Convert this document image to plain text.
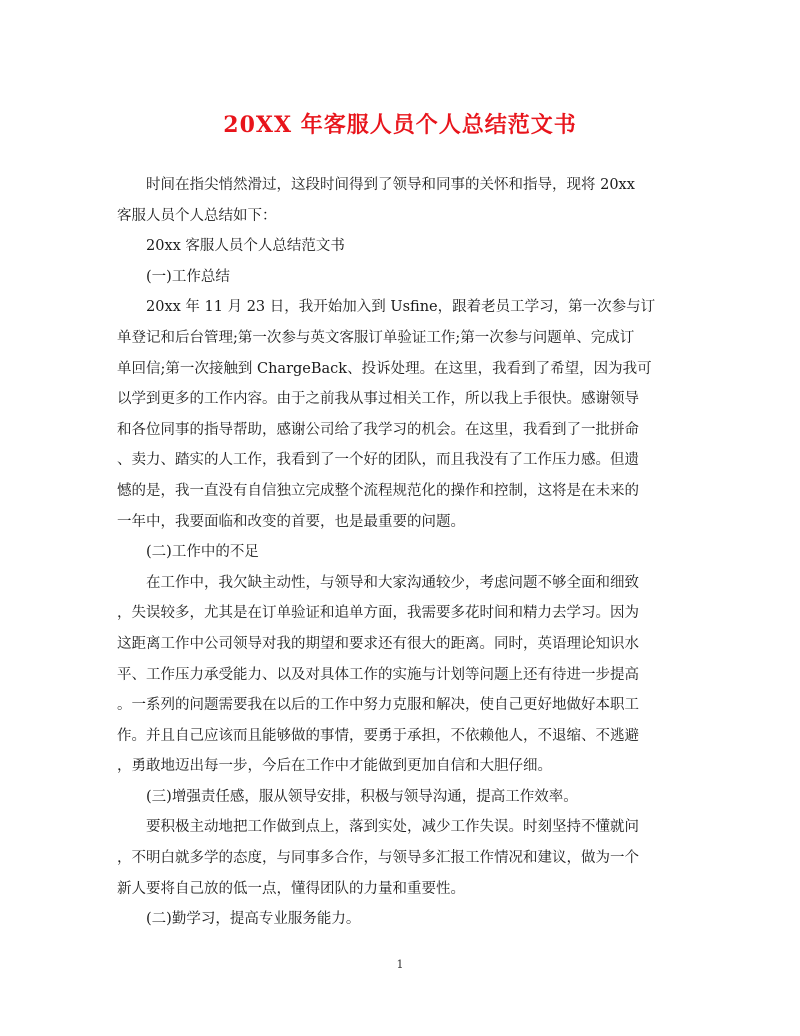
20XX 年客服人员个人总结范文书
时间在指尖悄然滑过，这段时间得到了领导和同事的关怀和指导，现将 20xx
客服人员个人总结如下：
20xx 客服人员个人总结范文书
(一)工作总结
20xx 年 11 月 23 日，我开始加入到 Usfine，跟着老员工学习，第一次参与订
单登记和后台管理;第一次参与英文客服订单验证工作;第一次参与问题单、完成订
单回信;第一次接触到 ChargeBack、投诉处理。在这里，我看到了希望，因为我可
以学到更多的工作内容。由于之前我从事过相关工作，所以我上手很快。感谢领导
和各位同事的指导帮助，感谢公司给了我学习的机会。在这里，我看到了一批拼命
、卖力、踏实的人工作，我看到了一个好的团队，而且我没有了工作压力感。但遗
憾的是，我一直没有自信独立完成整个流程规范化的操作和控制，这将是在未来的
一年中，我要面临和改变的首要，也是最重要的问题。
(二)工作中的不足
在工作中，我欠缺主动性，与领导和大家沟通较少，考虑问题不够全面和细致
，失误较多，尤其是在订单验证和追单方面，我需要多花时间和精力去学习。因为
这距离工作中公司领导对我的期望和要求还有很大的距离。同时，英语理论知识水
平、工作压力承受能力、以及对具体工作的实施与计划等问题上还有待进一步提高
。一系列的问题需要我在以后的工作中努力克服和解决，使自己更好地做好本职工
作。并且自己应该而且能够做的事情，要勇于承担，不依赖他人，不退缩、不逃避
，勇敢地迈出每一步，今后在工作中才能做到更加自信和大胆仔细。
(三)增强责任感，服从领导安排，积极与领导沟通，提高工作效率。
要积极主动地把工作做到点上，落到实处，减少工作失误。时刻坚持不懂就问
，不明白就多学的态度，与同事多合作，与领导多汇报工作情况和建议，做为一个
新人要将自己放的低一点，懂得团队的力量和重要性。
(二)勤学习，提高专业服务能力。
1
